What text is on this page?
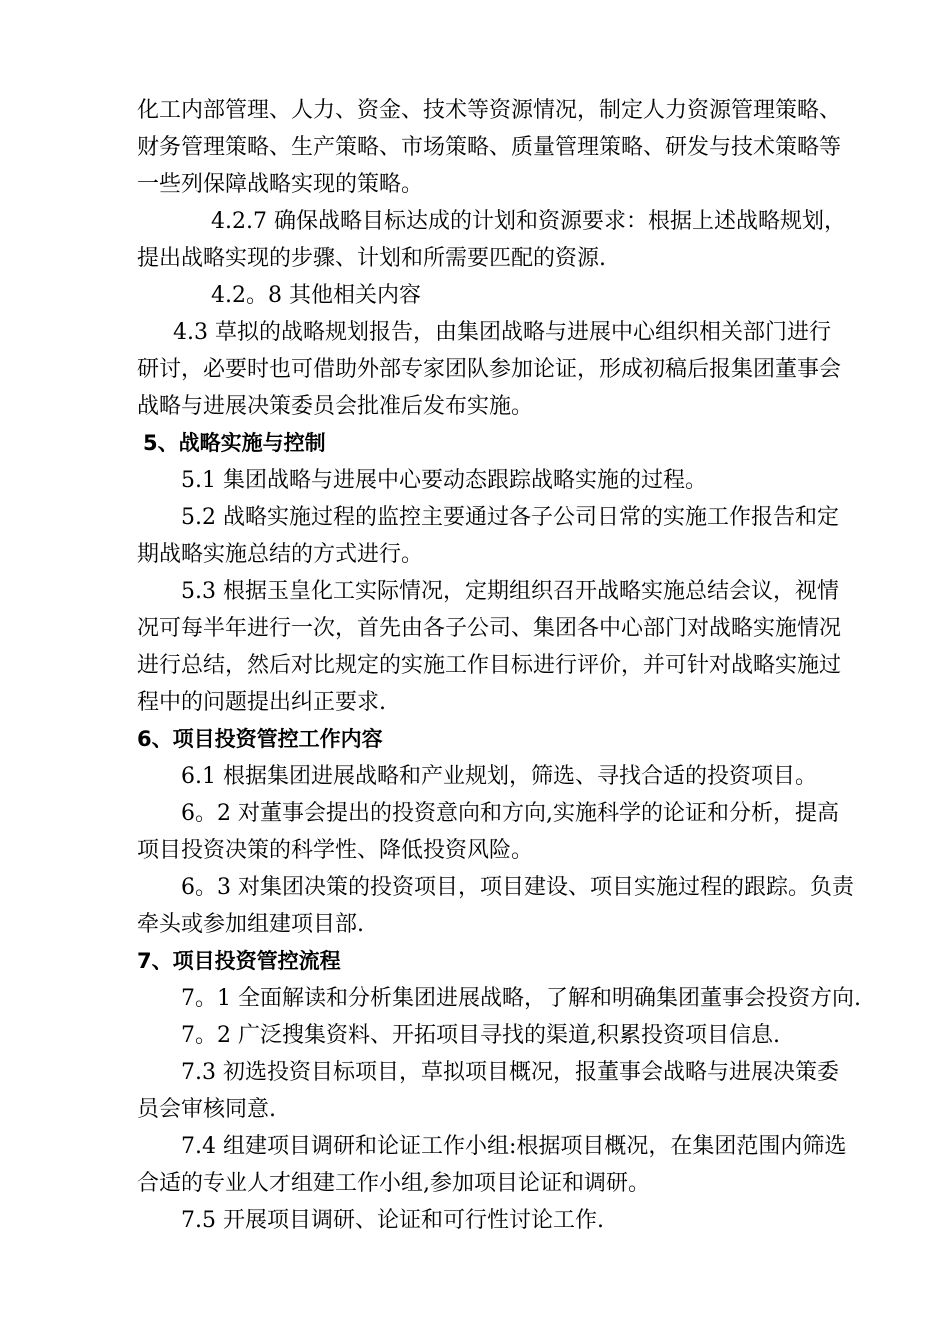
化工内部管理、人力、资金、技术等资源情况，制定人力资源管理策略、
财务管理策略、生产策略、市场策略、质量管理策略、研发与技术策略等
一些列保障战略实现的策略。
4.2.7 确保战略目标达成的计划和资源要求：根据上述战略规划，
提出战略实现的步骤、计划和所需要匹配的资源.
4.2。8 其他相关内容
4.3 草拟的战略规划报告，由集团战略与进展中心组织相关部门进行
研讨，必要时也可借助外部专家团队参加论证，形成初稿后报集团董事会
战略与进展决策委员会批准后发布实施。
5、战略实施与控制
5.1 集团战略与进展中心要动态跟踪战略实施的过程。
5.2 战略实施过程的监控主要通过各子公司日常的实施工作报告和定
期战略实施总结的方式进行。
5.3 根据玉皇化工实际情况，定期组织召开战略实施总结会议，视情
况可每半年进行一次，首先由各子公司、集团各中心部门对战略实施情况
进行总结，然后对比规定的实施工作目标进行评价，并可针对战略实施过
程中的问题提出纠正要求.
6、项目投资管控工作内容
6.1 根据集团进展战略和产业规划，筛选、寻找合适的投资项目。
6。2 对董事会提出的投资意向和方向,实施科学的论证和分析，提高
项目投资决策的科学性、降低投资风险。
6。3 对集团决策的投资项目，项目建设、项目实施过程的跟踪。负责
牵头或参加组建项目部.
7、项目投资管控流程
7。1 全面解读和分析集团进展战略，了解和明确集团董事会投资方向.
7。2 广泛搜集资料、开拓项目寻找的渠道,积累投资项目信息.
7.3 初选投资目标项目，草拟项目概况，报董事会战略与进展决策委
员会审核同意.
7.4 组建项目调研和论证工作小组:根据项目概况，在集团范围内筛选
合适的专业人才组建工作小组,参加项目论证和调研。
7.5 开展项目调研、论证和可行性讨论工作.
